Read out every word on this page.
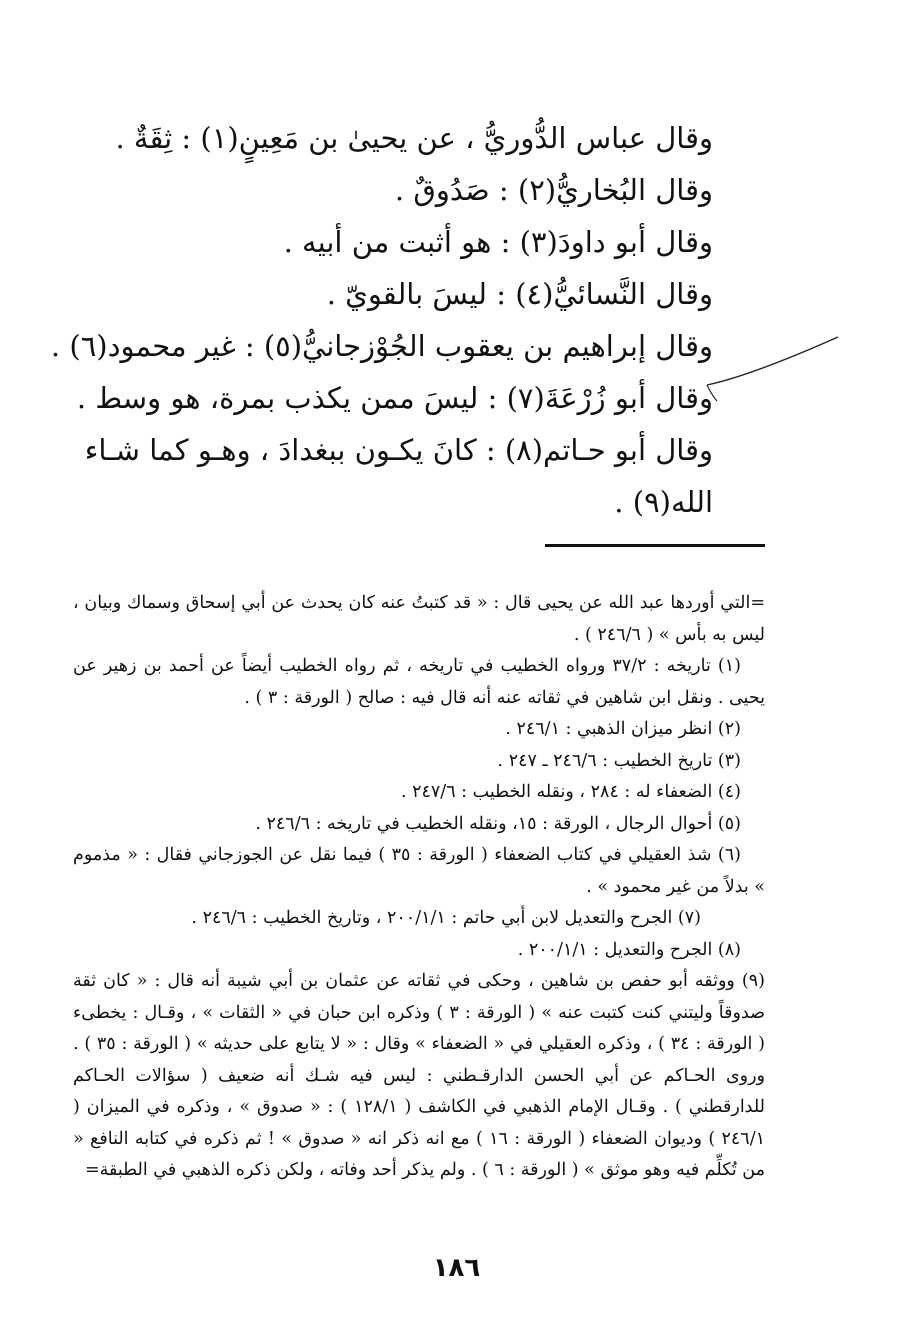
وقال عباس الدُّوريُّ ، عن يحيىٰ بن مَعِينٍ(١) : ثِقَةٌ .
وقال البُخاريُّ(٢) : صَدُوقٌ .
وقال أبو داودَ(٣) : هو أثبت من أبيه .
وقال النَّسائيُّ(٤) : ليسَ بالقويّ .
وقال إبراهيم بن يعقوب الجُوْزجانيُّ(٥) : غير محمود(٦) .
وقال أبو زُرْعَةَ(٧) : ليسَ ممن يكذب بمرة، هو وسط .
وقال أبو حـاتم(٨) : كانَ يكـون ببغدادَ ، وهـو كما شـاء الله(٩) .

=التي أوردها عبد الله عن يحيى قال : « قد كتبتُ عنه كان يحدث عن أبي إسحاق وسماك وبيان ، ليس به بأس » ( ٢٤٦/٦ ) .

(١) تاريخه : ٣٧/٢ ورواه الخطيب في تاريخه ، ثم رواه الخطيب أيضاً عن أحمد بن زهير عن يحيى . ونقل ابن شاهين في ثقاته عنه أنه قال فيه : صالح ( الورقة : ٣ ) .

(٢) انظر ميزان الذهبي : ٢٤٦/١ .

(٣) تاريخ الخطيب : ٢٤٦/٦ ـ ٢٤٧ .

(٤) الضعفاء له : ٢٨٤ ، ونقله الخطيب : ٢٤٧/٦ .

(٥) أحوال الرجال ، الورقة : ١٥، ونقله الخطيب في تاريخه : ٢٤٦/٦ .

(٦) شذ العقيلي في كتاب الضعفاء ( الورقة : ٣٥ ) فيما نقل عن الجوزجاني فقال : « مذموم » بدلاً من غير محمود » .

(٧) الجرح والتعديل لابن أبي حاتم : ٢٠٠/١/١ ، وتاريخ الخطيب : ٢٤٦/٦ .

(٨) الجرح والتعديل : ٢٠٠/١/١ .

(٩) ووثقه أبو حفص بن شاهين ، وحكى في ثقاته عن عثمان بن أبي شيبة أنه قال : « كان ثقة صدوقاً وليتني كنت كتبت عنه » ( الورقة : ٣ ) وذكره ابن حبان في « الثقات » ، وقـال : يخطىء ( الورقة : ٣٤ ) ، وذكره العقيلي في « الضعفاء » وقال : « لا يتابع على حديثه » ( الورقة : ٣٥ ) . وروى الحـاكم عن أبي الحسن الدارقـطني : ليس فيه شـك أنه ضعيف ( سؤالات الحـاكم للدارقطني ) . وقـال الإمام الذهبي في الكاشف ( ١٢٨/١ ) : « صدوق » ، وذكره في الميزان ( ٢٤٦/١ ) وديوان الضعفاء ( الورقة : ١٦ ) مع انه ذكر انه « صدوق » ! ثم ذكره في كتابه النافع « من تُكلِّم فيه وهو موثق » ( الورقة : ٦ ) . ولم يذكر أحد وفاته ، ولكن ذكره الذهبي في الطبقة=

١٨٦
